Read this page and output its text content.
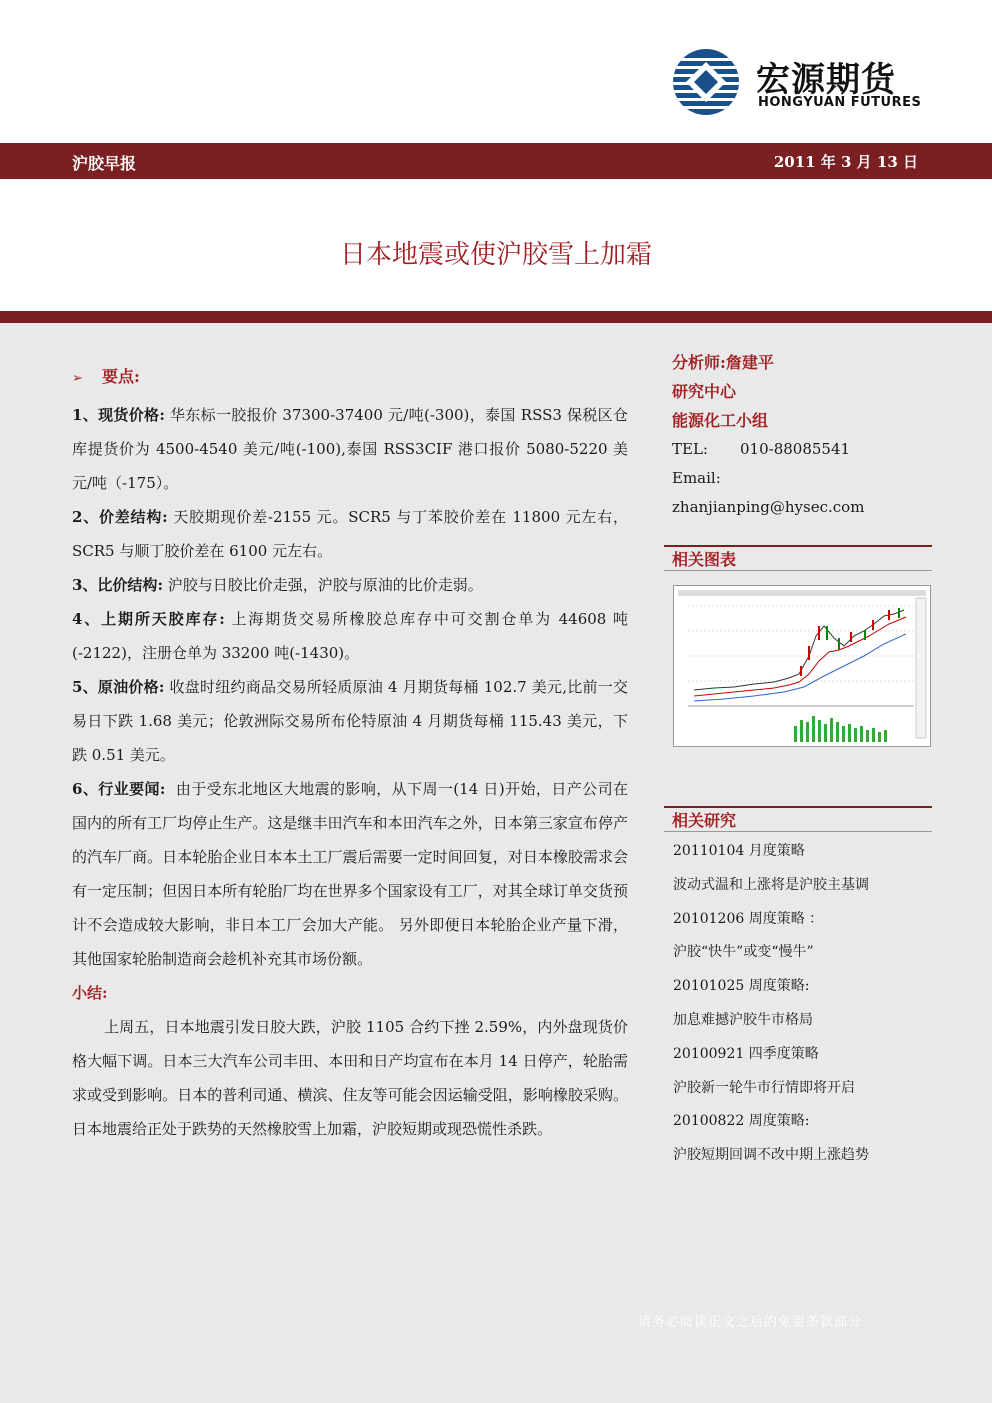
宏源期货
HONGYUAN FUTURES
沪胶早报	2011 年 3 月 13 日
日本地震或使沪胶雪上加霜
➢ 要点:

1、现货价格: 华东标一胶报价 37300-37400 元/吨(-300)，泰国 RSS3 保税区仓库提货价为 4500-4540 美元/吨(-100),泰国 RSS3CIF 港口报价 5080-5220 美元/吨（-175）。

2、价差结构: 天胶期现价差-2155 元。SCR5 与丁苯胶价差在 11800 元左右，SCR5 与顺丁胶价差在 6100 元左右。

3、比价结构: 沪胶与日胶比价走强，沪胶与原油的比价走弱。

4、上期所天胶库存: 上海期货交易所橡胶总库存中可交割仓单为 44608 吨(-2122)，注册仓单为 33200 吨(-1430)。

5、原油价格: 收盘时纽约商品交易所轻质原油 4 月期货每桶 102.7 美元,比前一交易日下跌 1.68 美元；伦敦洲际交易所布伦特原油 4 月期货每桶 115.43 美元，下跌 0.51 美元。

6、行业要闻: 由于受东北地区大地震的影响，从下周一(14 日)开始，日产公司在国内的所有工厂均停止生产。这是继丰田汽车和本田汽车之外，日本第三家宣布停产的汽车厂商。日本轮胎企业日本本土工厂震后需要一定时间回复，对日本橡胶需求会有一定压制；但因日本所有轮胎厂均在世界多个国家设有工厂，对其全球订单交货预计不会造成较大影响，非日本工厂会加大产能。 另外即便日本轮胎企业产量下滑，其他国家轮胎制造商会趁机补充其市场份额。

小结:

上周五，日本地震引发日胶大跌，沪胶 1105 合约下挫 2.59%，内外盘现货价格大幅下调。日本三大汽车公司丰田、本田和日产均宣布在本月 14 日停产，轮胎需求或受到影响。日本的普利司通、横滨、住友等可能会因运输受阻，影响橡胶采购。日本地震给正处于跌势的天然橡胶雪上加霜，沪胶短期或现恐慌性杀跌。

分析师:詹建平
研究中心
能源化工小组
TEL: 010-88085541
Email:zhanjianping@hysec.com
相关图表
相关研究
20110104 月度策略
波动式温和上涨将是沪胶主基调
20101206 周度策略 ：
沪胶“快牛”或变“慢牛”
20101025 周度策略:
加息难撼沪胶牛市格局
20100921 四季度策略
沪胶新一轮牛市行情即将开启
20100822 周度策略:
沪胶短期回调不改中期上涨趋势
请务必阅读正文之后的免责条款部分
